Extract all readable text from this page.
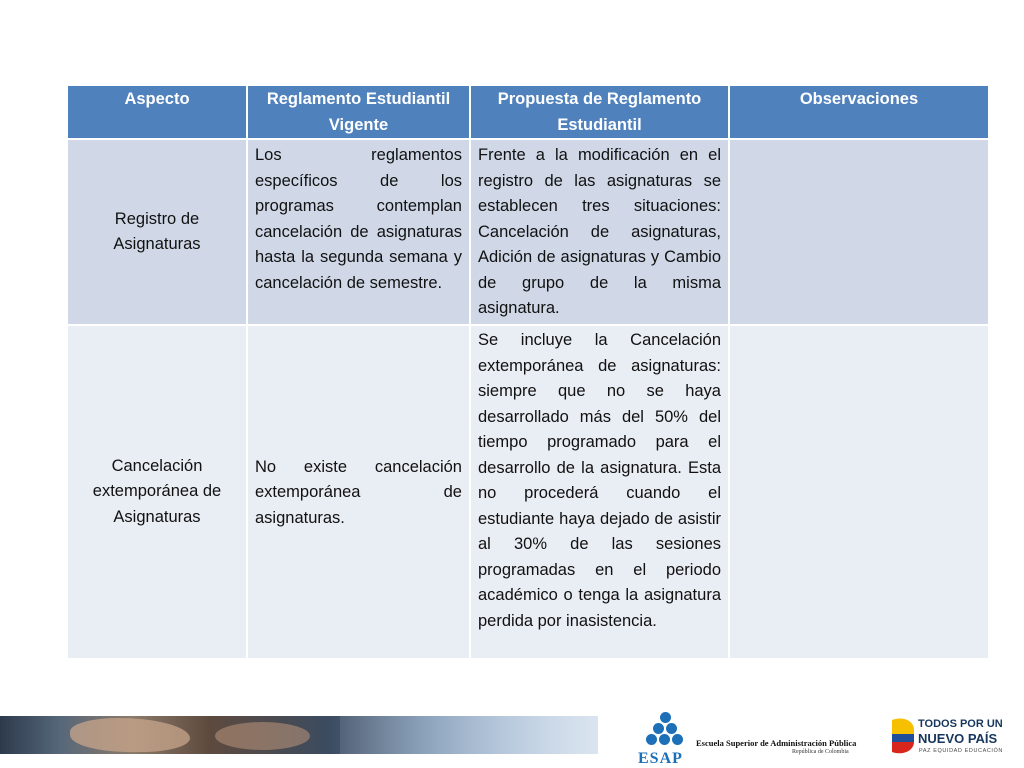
Aspecto	Reglamento Estudiantil Vigente	Propuesta de Reglamento Estudiantil	Observaciones
Registro de Asignaturas	Los reglamentos específicos de los programas contemplan cancelación de asignaturas hasta la segunda semana y cancelación de semestre.	Frente a la modificación en el registro de las asignaturas se establecen tres situaciones: Cancelación de asignaturas, Adición de asignaturas y Cambio de grupo de la misma asignatura.	
Cancelación extemporánea de Asignaturas	No existe cancelación extemporánea de asignaturas.	Se incluye la Cancelación extemporánea de asignaturas: siempre que no se haya desarrollado más del 50% del tiempo programado para el desarrollo de la asignatura. Esta no procederá cuando el estudiante haya dejado de asistir al 30% de las sesiones programadas en el periodo académico o tenga la asignatura perdida por inasistencia.	
ESAP
Escuela Superior de Administración Pública
República de Colombia
TODOS POR UN
NUEVO PAÍS
PAZ EQUIDAD EDUCACIÓN
